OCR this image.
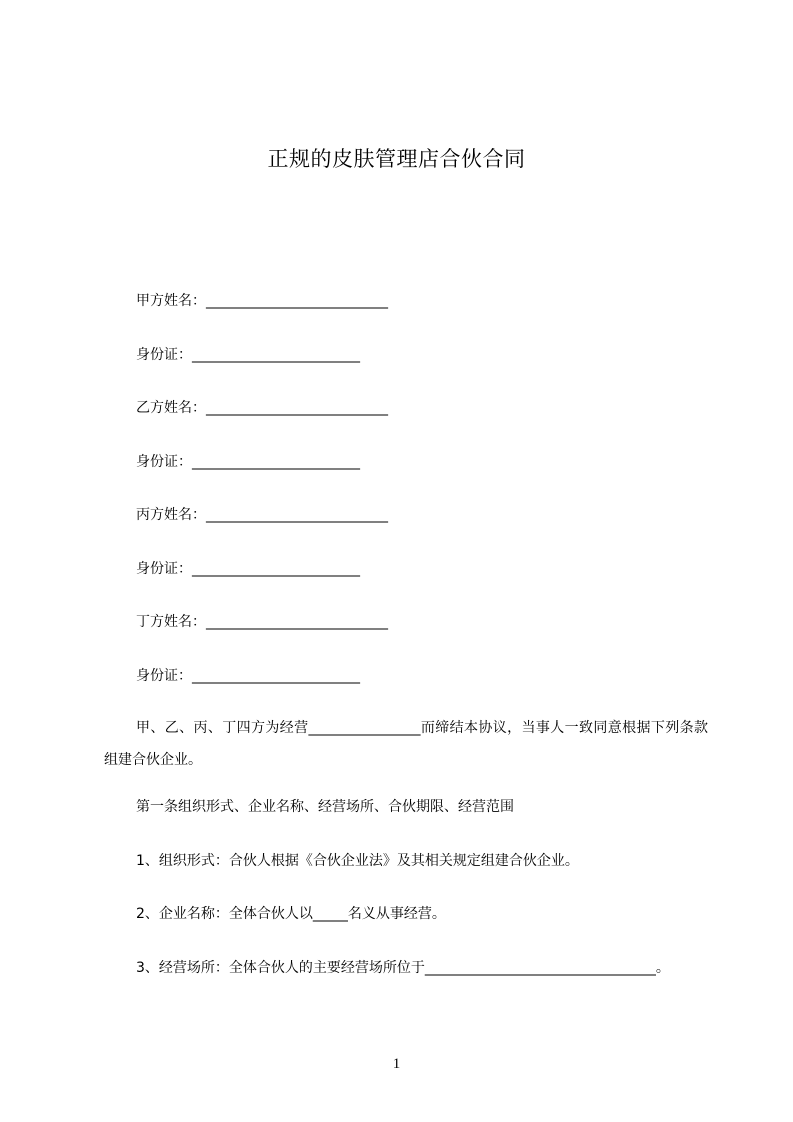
正规的皮肤管理店合伙合同
甲方姓名：__________________________
身份证：________________________
乙方姓名：__________________________
身份证：________________________
丙方姓名：__________________________
身份证：________________________
丁方姓名：__________________________
身份证：________________________
甲、乙、丙、丁四方为经营________________而缔结本协议，当事人一致同意根据下列条款组建合伙企业。
第一条组织形式、企业名称、经营场所、合伙期限、经营范围
1、组织形式：合伙人根据《合伙企业法》及其相关规定组建合伙企业。
2、企业名称：全体合伙人以_____名义从事经营。
3、经营场所：全体合伙人的主要经营场所位于_________________________________。
1
